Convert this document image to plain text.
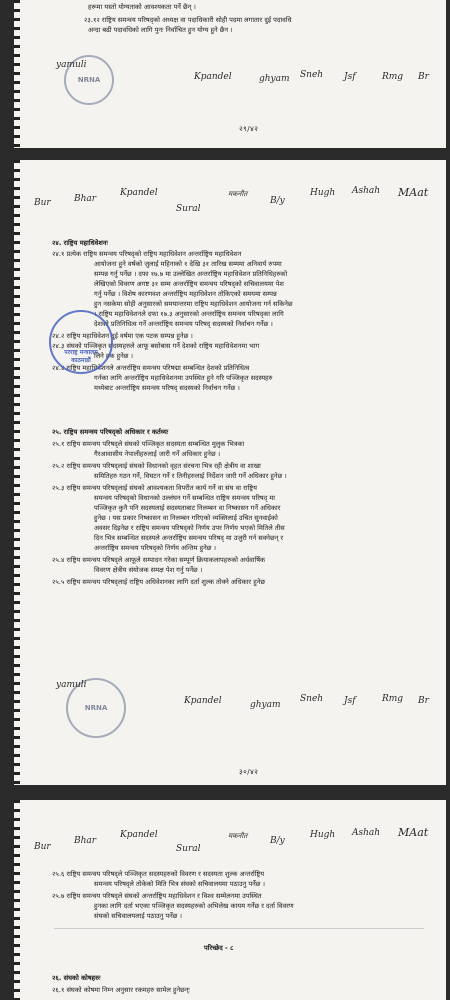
हरूमा यस्तो योग्यताको आवश्यकता पर्ने छैन् ।
२३.१२ राष्ट्रिय समन्वय परिषद्को अध्यक्ष वा पदाधिकारी सोही पदमा लगातार दुई पदावधि
अन्दा बढी पदावधिको लागि पुनः निर्वाचित हुन योग्य हुने छैन ।
NRNA
yamuli
Kpandel	ghyam Sneh Jsf	Rmg Br
२९/४२
Bur	Bhar
Kpandel
Sural
मकनौत
B/y
Hugh Ashah MAat
२४. राष्ट्रिय महाधिवेशनः
२४.१ प्रत्येक राष्ट्रिय समन्वय परिषद्को राष्ट्रिय महाधिवेशन अन्तर्राष्ट्रिय महाधिवेशन
आयोजना हुने वर्षको जुलाई महिनाको १ देखि ३१ तारिख सम्ममा अनिवार्य रुपमा
सम्पन्न गर्नु पर्नेछ । दफा १७.७ मा उल्लेखित अन्तर्राष्ट्रिय महाधिवेशन प्रतिनिधिहरुको
लेखिएको विवरण अगष्ट ३१ सम्म अन्तर्राष्ट्रिय समन्वय परिषद्को सचिवालयमा पेश
गर्नु पर्नेछ । विशेष कारणवश अन्तर्राष्ट्रिय महाधिवेशन तोकिएको समयमा सम्पन्न
हुन नसकेमा सोही अनुसारको समयान्तरमा राष्ट्रिय महाधिवेशन आयोजना गर्न सकिनेछ
। राष्ट्रिय महाधिवेशनले दफा १७.३ अनुसारको अन्तर्राष्ट्रिय समन्वय परिषद्‌का लागि
देशको प्रतिनिधित्व गर्ने अन्तर्राष्ट्रिय समन्वय परिषद्‌ सदस्यको निर्वाचन गर्नेछ ।
२४.२ राष्ट्रिय महाधिवेशन दुई वर्षमा एक पटक सम्पन्न हुनेछ ।
२४.३ संघको पञ्जिकृत सदस्यहरुले आफू बसोबास गर्ने देशको राष्ट्रिय महाधिवेशनमा भाग
लिने हक हुनेछ ।
२४.४ राष्ट्रिय महाधिवेशनले अन्तर्राष्ट्रिय समन्वय परिषद्मा सम्बन्धित देशको प्रतिनिधित्व
गर्नका लागि अन्तर्राष्ट्रिय महाधिवेशनमा उपस्थित हुने गरि पञ्जिकृत सदस्यहरु
मध्येबाट अन्तर्राष्ट्रिय समन्वय परिषद्‌ सदस्यको निर्वाचन गर्नेछ ।
परराष्ट्र मन्त्रालय काठमाडौं
२५. राष्ट्रिय समन्वय परिषद्को अधिकार र कर्तव्यः
२५.१ राष्ट्रिय समन्वय परिषद्ले संघको पञ्जिकृत सदस्यता सम्बन्धित मुलुक भित्रका
गैरआवासीय नेपालीहरुलाई जारी गर्ने अधिकार हुनेछ ।
२५.२ राष्ट्रिय समन्वय परिषद्लाई संघको विधानको वृहत संरचना भित्र रही क्षेत्रीय वा शाखा
समितिहरु गठन गर्ने, विघटन गर्ने र तिनीहरुलाई निर्देशन जारी गर्ने अधिकार हुनेछ ।
२५.३ राष्ट्रिय समन्वय परिषद्लाई संघको आवश्यकता विपरीत कार्य गर्ने वा संघ वा राष्ट्रिय
समन्वय परिषद्को विधानको उल्लंघन गर्ने सम्बन्धित राष्ट्रिय समन्वय परिषद्‌ मा
पञ्जिकृत कुनै पनि सदस्यलाई सदस्यताबाट निलम्बन वा निष्कासन गर्ने अधिकार
हुनेछ । यस प्रकार निष्कासन वा निलम्बन गरिएको व्यक्तिलाई उचित सुनवाईको
अवसर दिइनेछ र राष्ट्रिय समन्वय परिषद्‌को निर्णय उपर निर्णय भएको मितिले तीस
दिन भित्र सम्बन्धित सदस्यले अन्तर्राष्ट्रिय समन्वय परिषद्‌ मा उजुरी गर्न सक्नेछन् र
अन्तर्राष्ट्रिय समन्वय परिषद्को निर्णय अन्तिम हुनेछ ।
२५.४ राष्ट्रिय समन्वय परिषद्ले आफूले सम्पादन गरेका सम्पूर्ण क्रियाकलापहरुको अर्धवार्षिक
विवरण क्षेत्रीय संयोजक समक्ष पेश गर्नु पर्नेछ ।
२५.५ राष्ट्रिय समन्वय परिषद्लाई राष्ट्रिय अधिवेशनका लागि दर्ता शुल्क तोक्ने अधिकार हुनेछ
NRNA
yamuli
Kpandel	ghyam
Sneh Jsf	Rmg Br
३०/४२
Bur
Bhar
Kpandel
Sural
मकनौत	B/y
Hugh Ashah MAat
२५.६ राष्ट्रिय समन्वय परिषद्ले पञ्जिकृत सदस्यहरुको विवरण र सदस्यता शुल्क अन्तर्राष्ट्रिय
समन्वय परिषद्ले तोकेको मिति भित्र संघको सचिवालयमा पठाउनु पर्नेछ ।
२५.७ राष्ट्रिय समन्वय परिषद्ले संघको अन्तर्राष्ट्रिय महाधिवेशन र विश्व सम्मेलनमा उपस्थित
हुनका लागि दर्ता भएका पञ्जिकृत सदस्यहरुको अभिलेख कायम गर्नेछ र दर्ता विवरण
संघको सचिवालयलाई पठाउनु पर्नेछ ।
परिच्छेद - ८
२६. संघको कोषहरुः
२६.१ संघको कोषमा निम्न अनुसार रकमहरु सामेल हुनेछन्ः
